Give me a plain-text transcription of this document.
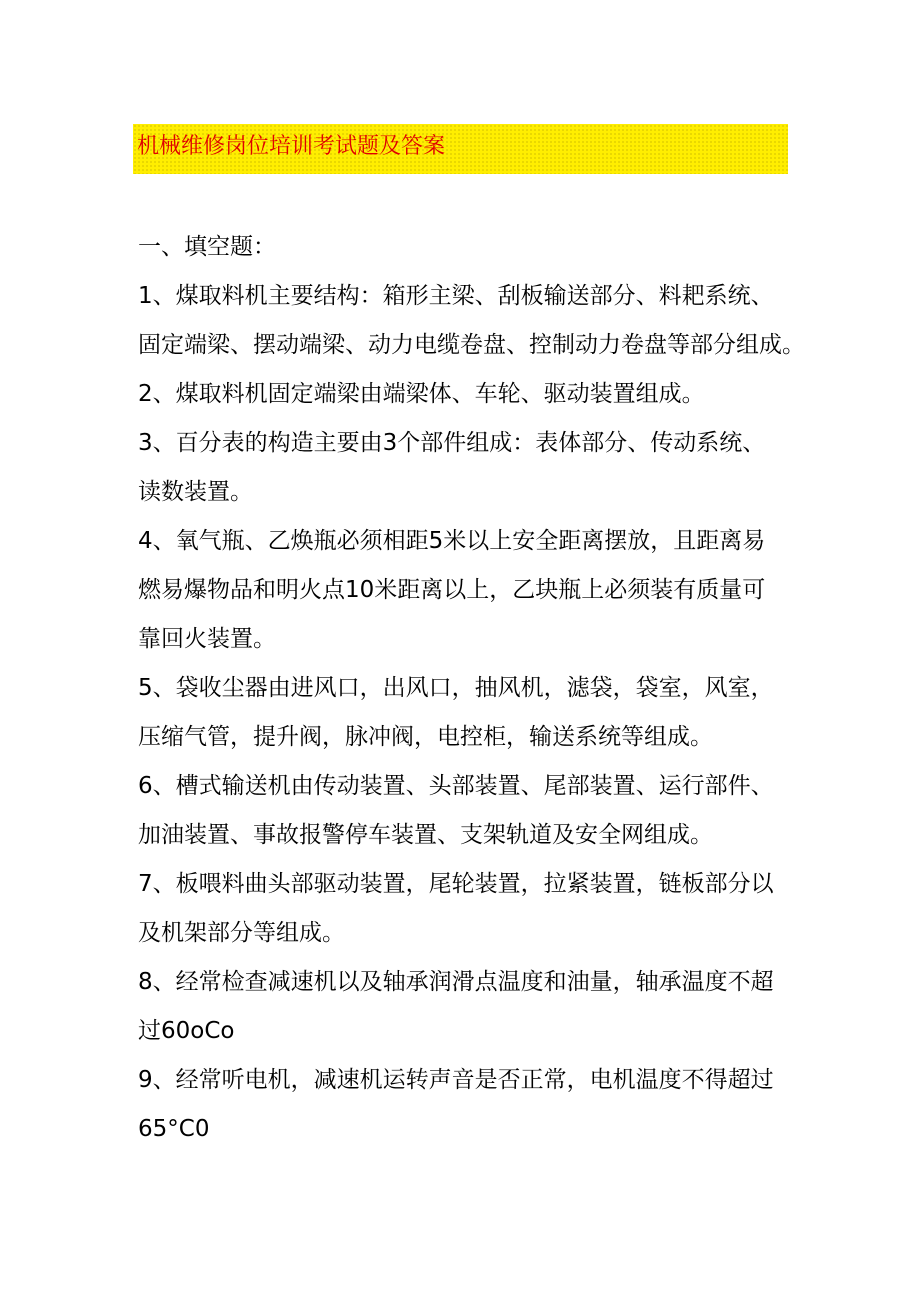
机械维修岗位培训考试题及答案
一、填空题：
1、煤取料机主要结构：箱形主梁、刮板输送部分、料耙系统、
固定端梁、摆动端梁、动力电缆卷盘、控制动力卷盘等部分组成。
2、煤取料机固定端梁由端梁体、车轮、驱动装置组成。
3、百分表的构造主要由3个部件组成：表体部分、传动系统、
读数装置。
4、氧气瓶、乙焕瓶必须相距5米以上安全距离摆放，且距离易
燃易爆物品和明火点10米距离以上，乙块瓶上必须装有质量可
靠回火装置。
5、袋收尘器由进风口，出风口，抽风机，滤袋，袋室，风室，
压缩气管，提升阀，脉冲阀，电控柜，输送系统等组成。
6、槽式输送机由传动装置、头部装置、尾部装置、运行部件、
加油装置、事故报警停车装置、支架轨道及安全网组成。
7、板喂料曲头部驱动装置，尾轮装置，拉紧装置，链板部分以
及机架部分等组成。
8、经常检查减速机以及轴承润滑点温度和油量，轴承温度不超
过60oCo
9、经常听电机，减速机运转声音是否正常，电机温度不得超过
65°C0
